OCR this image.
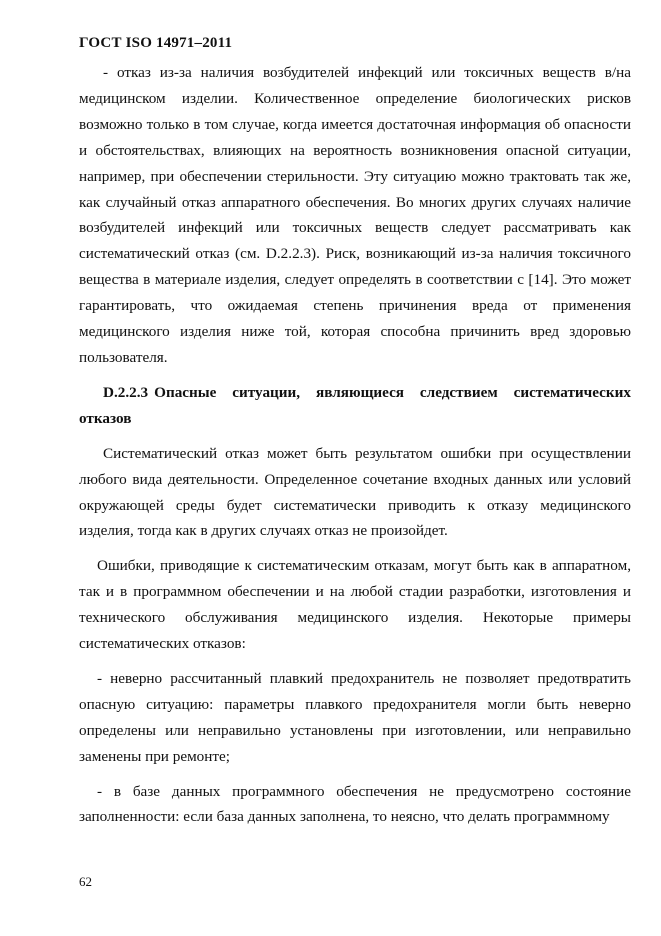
ГОСТ ISO 14971–2011

- отказ из-за наличия возбудителей инфекций или токсичных веществ в/на медицинском изделии. Количественное определение биологических рисков возможно только в том случае, когда имеется достаточная информация об опасности и обстоятельствах, влияющих на вероятность возникновения опасной ситуации, например, при обеспечении стерильности. Эту ситуацию можно трактовать так же, как случайный отказ аппаратного обеспечения. Во многих других случаях наличие возбудителей инфекций или токсичных веществ следует рассматривать как систематический отказ (см. D.2.2.3). Риск, возникающий из-за наличия токсичного вещества в материале изделия, следует определять в соответствии с [14]. Это может гарантировать, что ожидаемая степень причинения вреда от применения медицинского изделия ниже той, которая способна причинить вред здоровью пользователя.

D.2.2.3 Опасные ситуации, являющиеся следствием систематических отказов

Систематический отказ может быть результатом ошибки при осуществлении любого вида деятельности. Определенное сочетание входных данных или условий окружающей среды будет систематически приводить к отказу медицинского изделия, тогда как в других случаях отказ не произойдет.

Ошибки, приводящие к систематическим отказам, могут быть как в аппаратном, так и в программном обеспечении и на любой стадии разработки, изготовления и технического обслуживания медицинского изделия. Некоторые примеры систематических отказов:

- неверно рассчитанный плавкий предохранитель не позволяет предотвратить опасную ситуацию: параметры плавкого предохранителя могли быть неверно определены или неправильно установлены при изготовлении, или неправильно заменены при ремонте;

- в базе данных программного обеспечения не предусмотрено состояние заполненности: если база данных заполнена, то неясно, что делать программному

62
